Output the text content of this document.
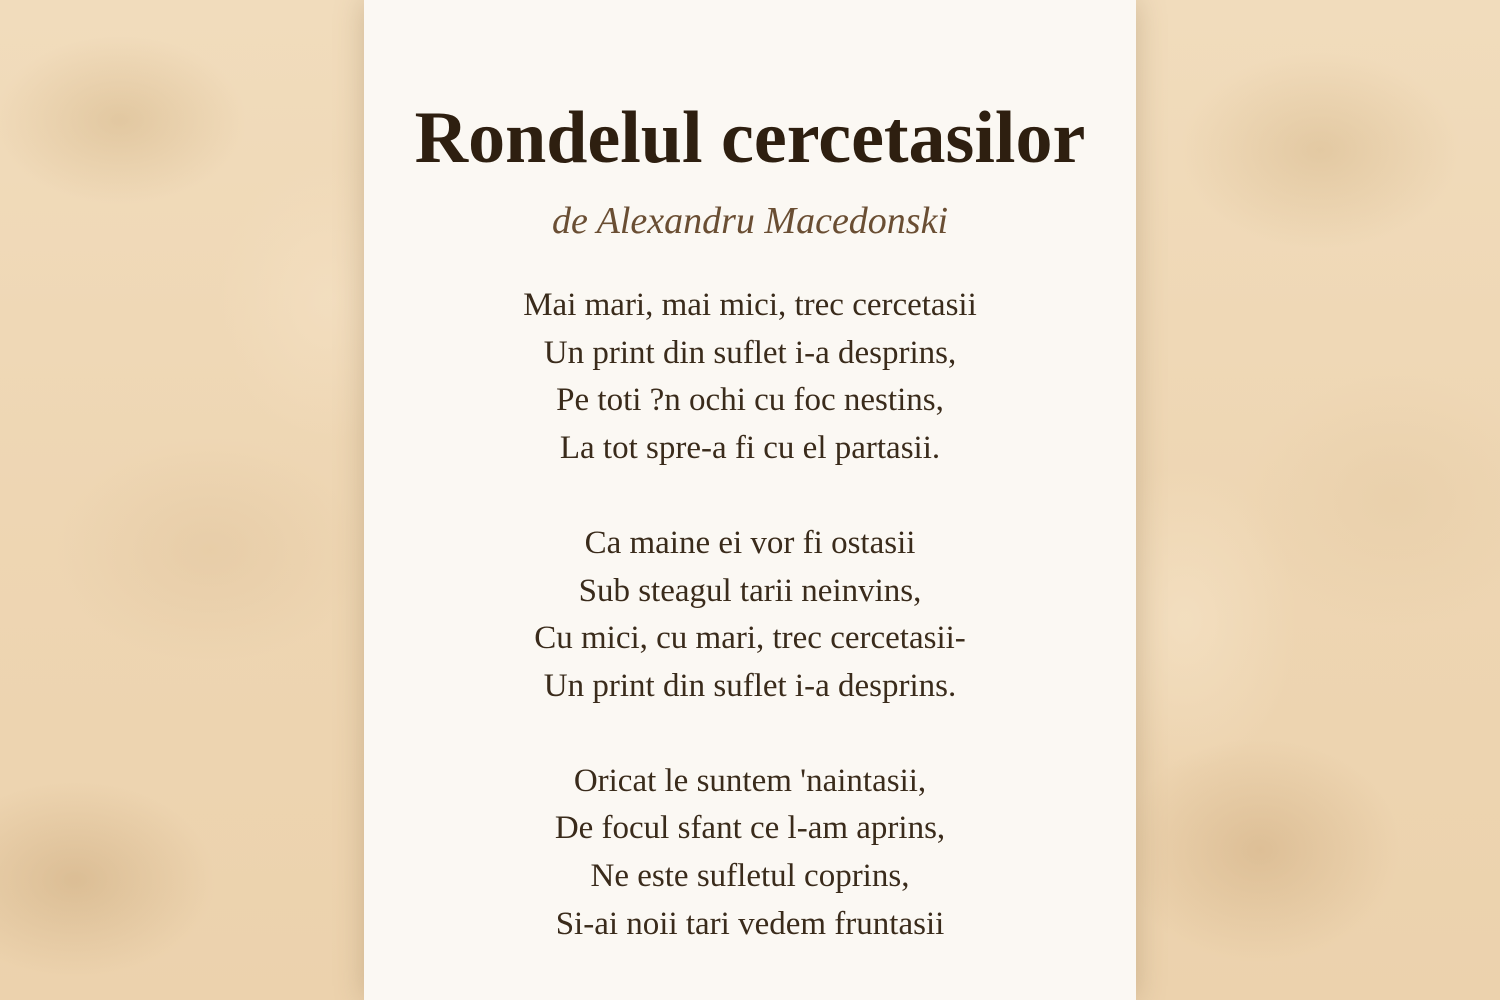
Rondelul cercetasilor
de Alexandru Macedonski
Mai mari, mai mici, trec cercetasii
Un print din suflet i-a desprins,
Pe toti ?n ochi cu foc nestins,
La tot spre-a fi cu el partasii.
Ca maine ei vor fi ostasii
Sub steagul tarii neinvins,
Cu mici, cu mari, trec cercetasii-
Un print din suflet i-a desprins.
Oricat le suntem 'naintasii,
De focul sfant ce l-am aprins,
Ne este sufletul coprins,
Si-ai noii tari vedem fruntasii
